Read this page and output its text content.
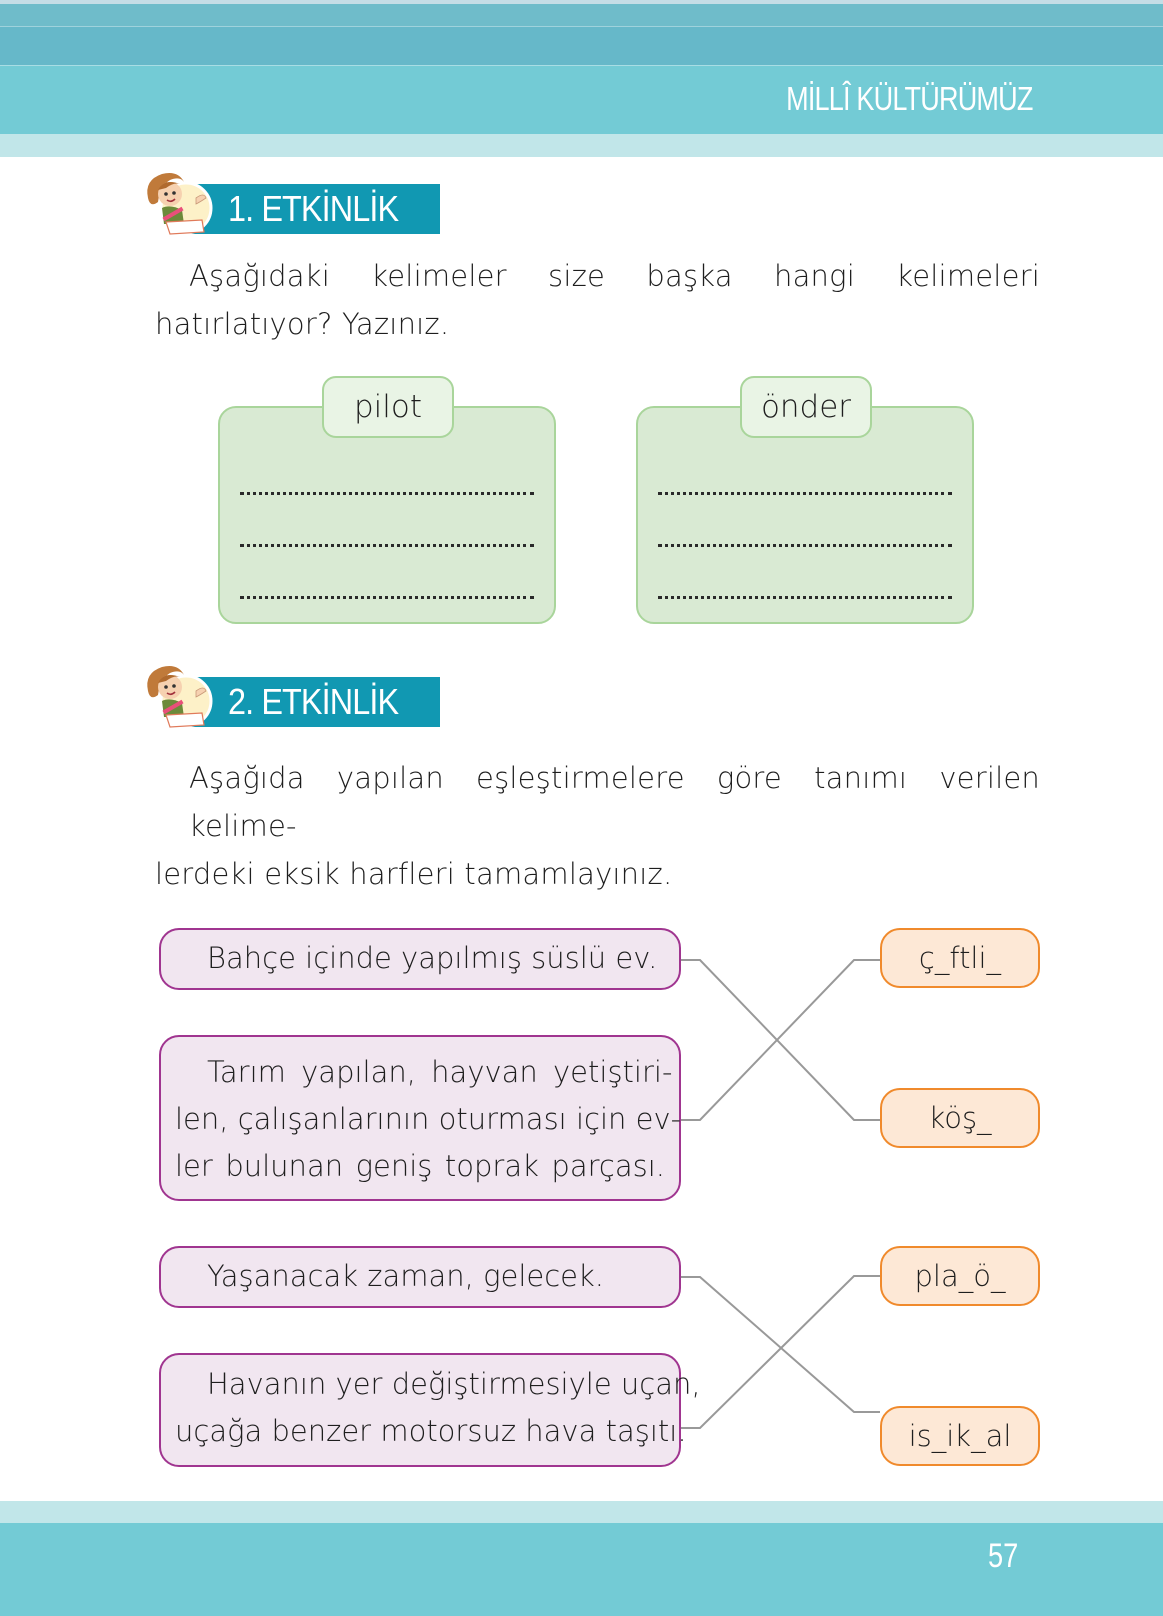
MİLLÎ KÜLTÜRÜMÜZ
1. ETKİNLİK
Aşağıdaki kelimeler size başka hangi kelimeleri hatırlatıyor? Yazınız.
pilot	önder
2. ETKİNLİK
Aşağıda yapılan eşleştirmelere göre tanımı verilen kelime-
lerdeki eksik harfleri tamamlayınız.
Bahçe içinde yapılmış süslü ev.
Tarım yapılan, hayvan yetiştiri-
len, çalışanlarının oturması için ev-
ler bulunan geniş toprak parçası.
Yaşanacak zaman, gelecek.
Havanın yer değiştirmesiyle uçan,
uçağa benzer motorsuz hava taşıtı.
ç_ftli_
köş_
pla_ö_
is_ik_al
57
